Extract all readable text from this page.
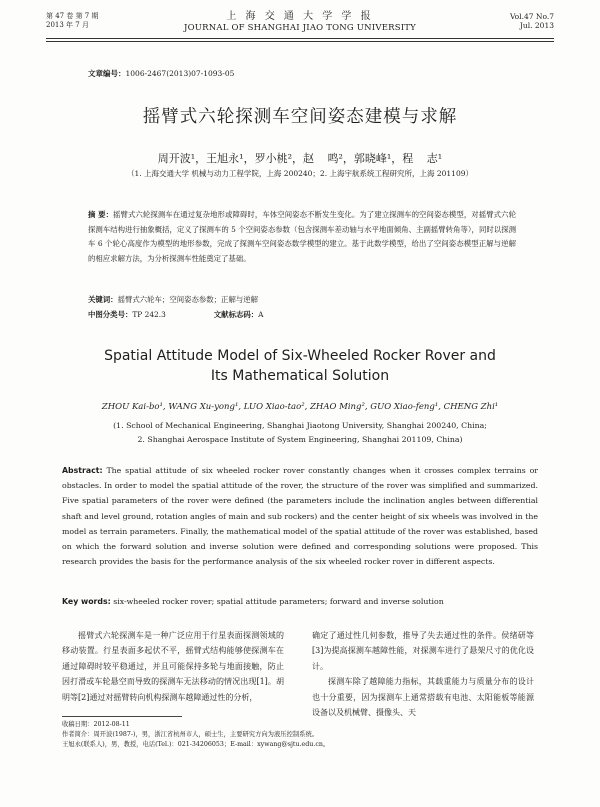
第 47 卷 第 7 期
2013 年 7 月
上 海 交 通 大 学 学 报
JOURNAL OF SHANGHAI JIAO TONG UNIVERSITY
Vol.47 No.7
Jul. 2013
文章编号：1006-2467(2013)07-1093-05
摇臂式六轮探测车空间姿态建模与求解
周开波¹，王旭永¹，罗小桃²，赵 鸣²，郭晓峰¹，程 志¹
（1. 上海交通大学 机械与动力工程学院，上海 200240；2. 上海宇航系统工程研究所，上海 201109）
摘 要：摇臂式六轮探测车在通过复杂地形或障碍时，车体空间姿态不断发生变化。为了建立探测车的空间姿态模型，对摇臂式六轮探测车结构进行抽象概括，定义了探测车的 5 个空间姿态参数（包含探测车差动轴与水平地面倾角、主副摇臂转角等），同时以探测车 6 个轮心高度作为模型的地形参数，完成了探测车空间姿态数学模型的建立。基于此数学模型，给出了空间姿态模型正解与逆解的相应求解方法，为分析探测车性能奠定了基础。
关键词：摇臂式六轮车；空间姿态参数；正解与逆解
中图分类号：TP 242.3	文献标志码：A
Spatial Attitude Model of Six-Wheeled Rocker Rover and
Its Mathematical Solution
ZHOU Kai-bo¹, WANG Xu-yong¹, LUO Xiao-tao², ZHAO Ming², GUO Xiao-feng¹, CHENG Zhi¹
(1. School of Mechanical Engineering, Shanghai Jiaotong University, Shanghai 200240, China;
2. Shanghai Aerospace Institute of System Engineering, Shanghai 201109, China)
Abstract: The spatial attitude of six wheeled rocker rover constantly changes when it crosses complex terrains or obstacles. In order to model the spatial attitude of the rover, the structure of the rover was simplified and summarized. Five spatial parameters of the rover were defined (the parameters include the inclination angles between differential shaft and level ground, rotation angles of main and sub rockers) and the center height of six wheels was involved in the model as terrain parameters. Finally, the mathematical model of the spatial attitude of the rover was established, based on which the forward solution and inverse solution were defined and corresponding solutions were proposed. This research provides the basis for the performance analysis of the six wheeled rocker rover in different aspects.
Key words: six-wheeled rocker rover; spatial attitude parameters; forward and inverse solution

摇臂式六轮探测车是一种广泛应用于行星表面探测领域的移动装置。行星表面多起伏不平，摇臂式结构能够使探测车在通过障碍时较平稳通过，并且可能保持多轮与地面接触，防止因打滑或车轮悬空而导致的探测车无法移动的情况出现[1]。胡明等[2]通过对摇臂转向机构探测车越障通过性的分析，

确定了通过性几何参数，推导了失去通过性的条件。侯绪研等[3]为提高探测车越障性能，对探测车进行了悬架尺寸的优化设计。

探测车除了越障能力指标，其载重能力与质量分布的设计也十分重要，因为探测车上通常搭载有电池、太阳能板等能源设备以及机械臂、摄像头、天

收稿日期：2012-08-11
作者简介：周开波(1987-)，男，浙江省杭州市人，硕士生，主要研究方向为液压控制系统。
王旭永(联系人)，男，教授，电话(Tel.)：021-34206053；E-mail：xywang@sjtu.edu.cn。
